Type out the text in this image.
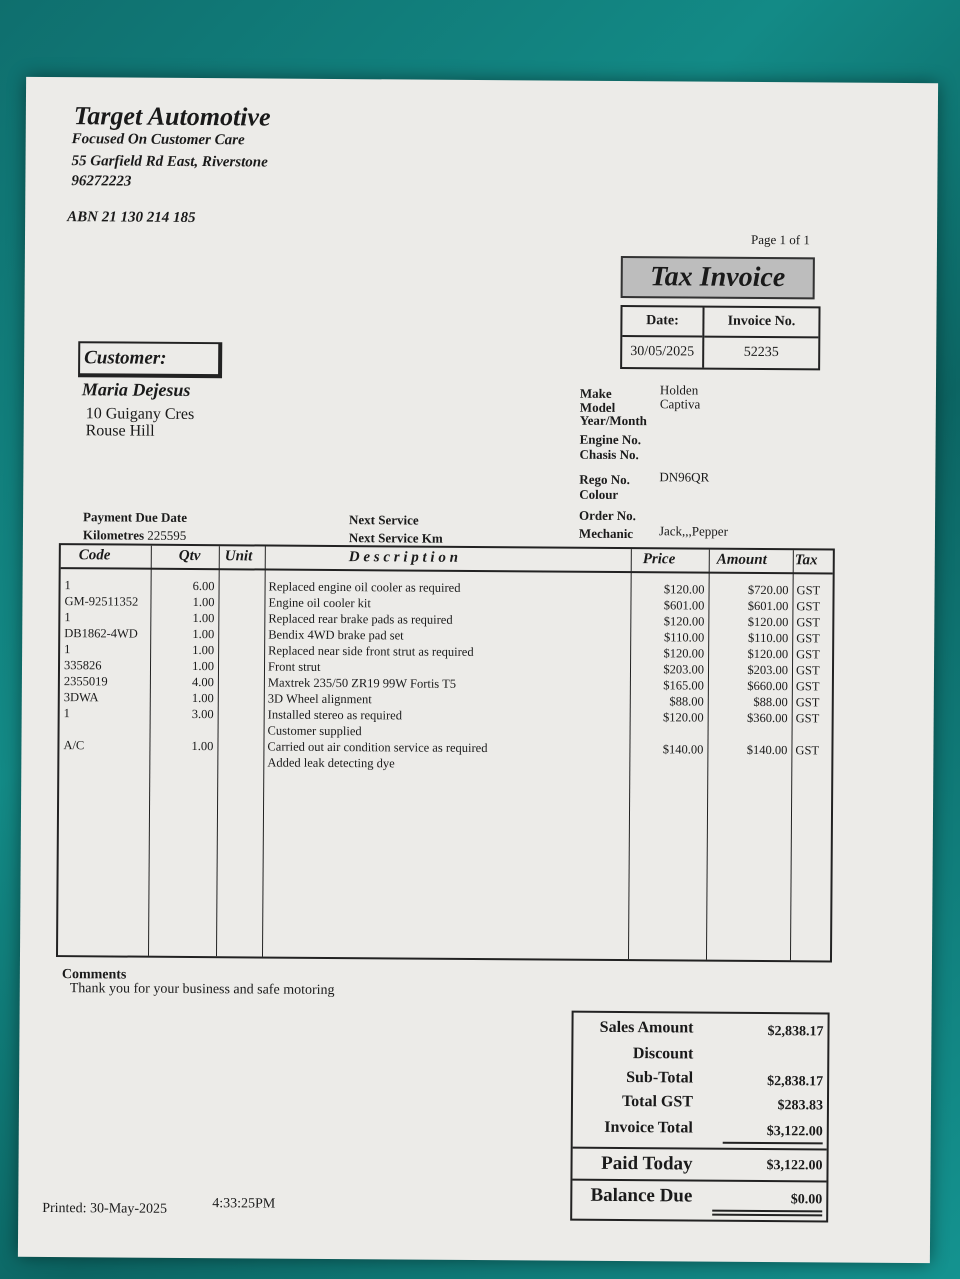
Target Automotive
Focused On Customer Care
55 Garfield Rd East, Riverstone
96272223
ABN 21 130 214 185
Page 1 of 1
Tax Invoice
Date:	Invoice No.
30/05/2025	52235
Customer:
Maria Dejesus
10 Guigany Cres
Rouse Hill
Make	Holden
Model	Captiva
Year/Month
Engine No.
Chasis No.
Rego No. DN96QR
Colour
Order No.
Mechanic Jack,,,Pepper
Payment Due Date
Kilometres 225595
Next Service
Next Service Km
Code	Qtv Unit	D e s c r i p t i o n	Price	Amount Tax
1	6.00	Replaced engine oil cooler as required	$120.00	$720.00 GST
GM-92511352	1.00	Engine oil cooler kit	$601.00	$601.00 GST
1	1.00	Replaced rear brake pads as required	$120.00	$120.00 GST
DB1862-4WD	1.00	Bendix 4WD brake pad set	$110.00	$110.00 GST
1	1.00	Replaced near side front strut as required	$120.00	$120.00 GST
335826	1.00	Front strut	$203.00	$203.00 GST
2355019	4.00	Maxtrek 235/50 ZR19 99W Fortis T5	$165.00	$660.00 GST
3DWA	1.00	3D Wheel alignment	$88.00	$88.00 GST
1	3.00	Installed stereo as required	$120.00	$360.00 GST
Customer supplied
A/C	1.00	Carried out air condition service as required	$140.00	$140.00 GST
Added leak detecting dye
Comments
Thank you for your business and safe motoring
Sales Amount	$2,838.17
Discount
Sub-Total	$2,838.17
Total GST	$283.83
Invoice Total	$3,122.00
Paid Today	$3,122.00
Balance Due	$0.00
Printed: 30-May-2025	4:33:25PM
